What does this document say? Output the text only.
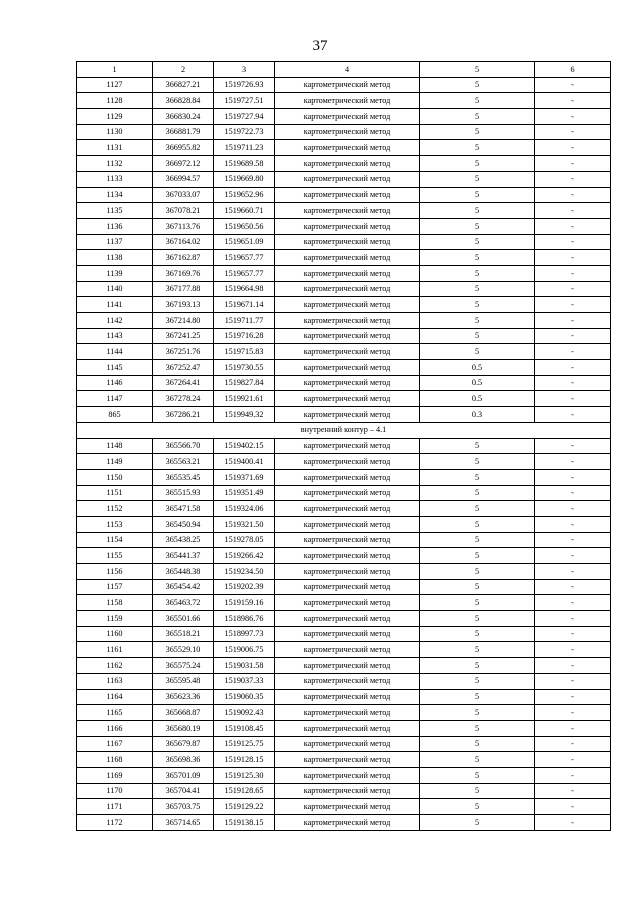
37
1	2	3	4	5	6
1127	366827.21	1519726.93	картометрический метод	5	-
1128	366828.84	1519727.51	картометрический метод	5	-
1129	366830.24	1519727.94	картометрический метод	5	-
1130	366881.79	1519722.73	картометрический метод	5	-
1131	366955.82	1519711.23	картометрический метод	5	-
1132	366972.12	1519689.58	картометрический метод	5	-
1133	366994.57	1519669.80	картометрический метод	5	-
1134	367033.07	1519652.96	картометрический метод	5	-
1135	367078.21	1519660.71	картометрический метод	5	-
1136	367113.76	1519650.56	картометрический метод	5	-
1137	367164.02	1519651.09	картометрический метод	5	-
1138	367162.87	1519657.77	картометрический метод	5	-
1139	367169.76	1519657.77	картометрический метод	5	-
1140	367177.88	1519664.98	картометрический метод	5	-
1141	367193.13	1519671.14	картометрический метод	5	-
1142	367214.80	1519711.77	картометрический метод	5	-
1143	367241.25	1519716.28	картометрический метод	5	-
1144	367251.76	1519715.83	картометрический метод	5	-
1145	367252.47	1519730.55	картометрический метод	0.5	-
1146	367264.41	1519827.84	картометрический метод	0.5	-
1147	367278.24	1519921.61	картометрический метод	0.5	-
865	367286.21	1519949.32	картометрический метод	0.3	-
внутренний контур – 4.1					
1148	365566.70	1519402.15	картометрический метод	5	-
1149	365563.21	1519400.41	картометрический метод	5	-
1150	365535.45	1519371.69	картометрический метод	5	-
1151	365515.93	1519351.49	картометрический метод	5	-
1152	365471.58	1519324.06	картометрический метод	5	-
1153	365450.94	1519321.50	картометрический метод	5	-
1154	365438.25	1519278.05	картометрический метод	5	-
1155	365441.37	1519266.42	картометрический метод	5	-
1156	365448.38	1519234.50	картометрический метод	5	-
1157	365454.42	1519202.39	картометрический метод	5	-
1158	365463.72	1519159.16	картометрический метод	5	-
1159	365501.66	1518986.76	картометрический метод	5	-
1160	365518.21	1518997.73	картометрический метод	5	-
1161	365529.10	1519006.75	картометрический метод	5	-
1162	365575.24	1519031.58	картометрический метод	5	-
1163	365595.48	1519037.33	картометрический метод	5	-
1164	365623.36	1519060.35	картометрический метод	5	-
1165	365668.87	1519092.43	картометрический метод	5	-
1166	365680.19	1519108.45	картометрический метод	5	-
1167	365679.87	1519125.75	картометрический метод	5	-
1168	365698.36	1519128.15	картометрический метод	5	-
1169	365701.09	1519125.30	картометрический метод	5	-
1170	365704.41	1519128.65	картометрический метод	5	-
1171	365703.75	1519129.22	картометрический метод	5	-
1172	365714.65	1519138.15	картометрический метод	5	-
